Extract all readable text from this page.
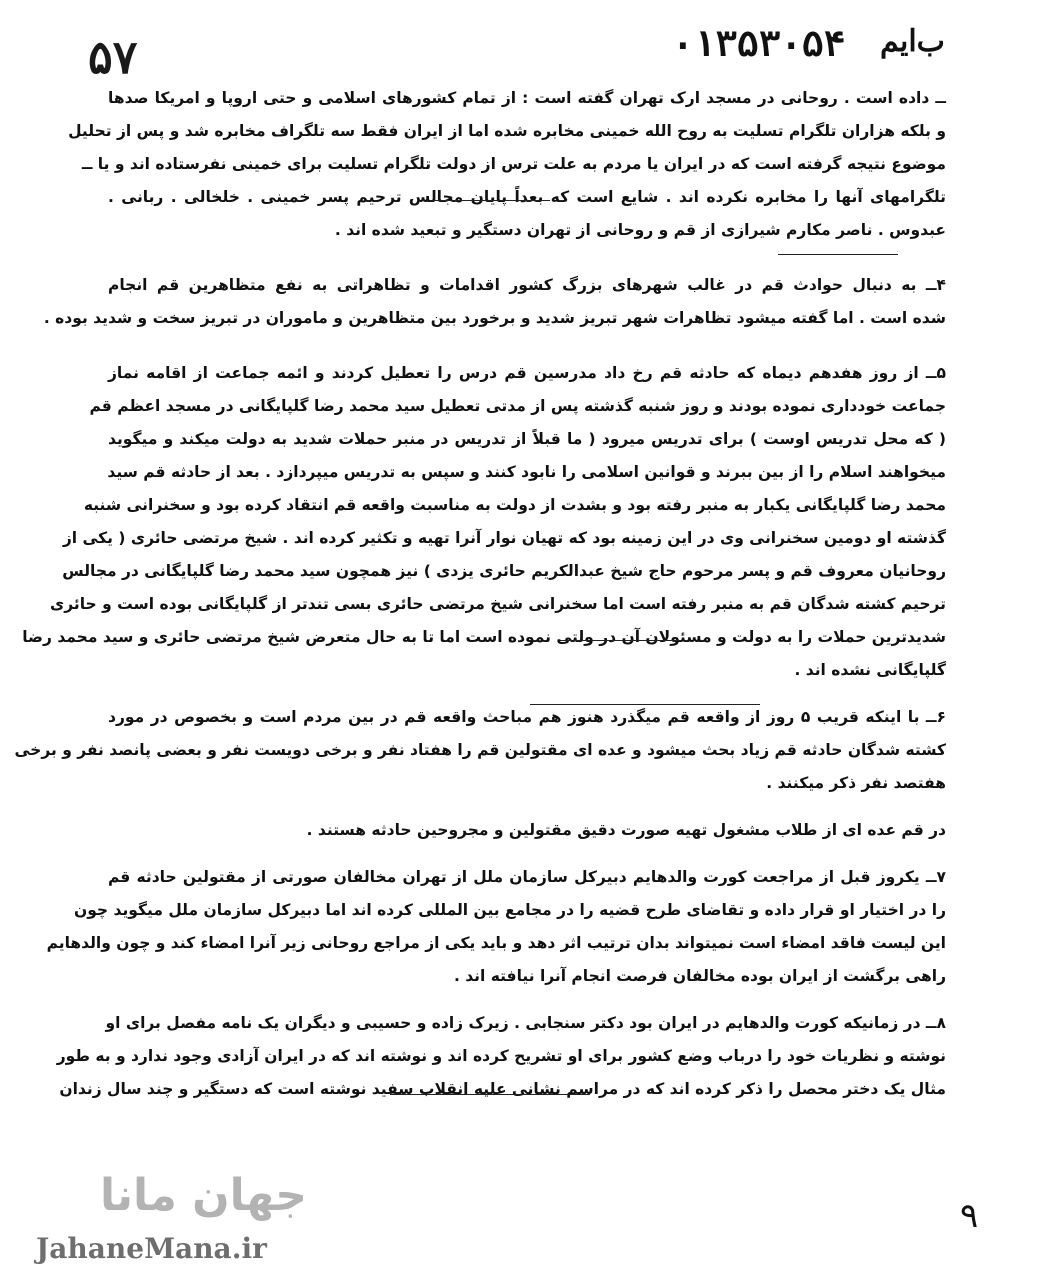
۵۷	۰۱۳۵۳۰۵۴ ب‌ایم
ــ داده است . روحانی در مسجد ارک تهران گفته است : از تمام کشورهای اسلامی و حتی اروپا و امریکا صدها
و بلکه هزاران تلگرام تسلیت به روح الله خمینی مخابره شده اما از ایران فقط سه تلگراف مخابره شد و پس از تحلیل
موضوع نتیجه گرفته است که در ایران یا مردم به علت ترس از دولت تلگرام تسلیت برای خمینی نفرستاده اند و یا ــ
تلگرامهای آنها را مخابره نکرده اند . شایع است که بعداً پایان مجالس ترحیم پسر خمینی . خلخالی . ربانی .
عبدوس . ناصر مکارم شیرازی از قم و روحانی از تهران دستگیر و تبعید شده اند .
۴ــ به دنبال حوادث قم در غالب شهرهای بزرگ کشور اقدامات و تظاهراتی به نفع متظاهرین قم انجام
شده است . اما گفته میشود تظاهرات شهر تبریز شدید و برخورد بین متظاهرین و ماموران در تبریز سخت و شدید بوده .
۵ــ از روز هفدهم دیماه که حادثه قم رخ داد مدرسین قم درس را تعطیل کردند و ائمه جماعت از اقامه نماز
جماعت خودداری نموده بودند و روز شنبه گذشته پس از مدتی تعطیل سید محمد رضا گلپایگانی در مسجد اعظم قم
( که محل تدریس اوست ) برای تدریس میرود ( ما قبلاً از تدریس در منبر حملات شدید به دولت میکند و میگوید
میخواهند اسلام را از بین ببرند و قوانین اسلامی را نابود کنند و سپس به تدریس میپردازد . بعد از حادثه قم سید
محمد رضا گلپایگانی یکبار به منبر رفته بود و بشدت از دولت به مناسبت واقعه قم انتقاد کرده بود و سخنرانی شنبه
گذشته او دومین سخنرانی وی در این زمینه بود که تهیان نوار آنرا تهیه و تکثیر کرده اند . شیخ مرتضی حائری ( یکی از
روحانیان معروف قم و پسر مرحوم حاج شیخ عبدالکریم حائری یزدی ) نیز همچون سید محمد رضا گلپایگانی در مجالس
ترحیم کشته شدگان قم به منبر رفته است اما سخنرانی شیخ مرتضی حائری بسی تندتر از گلپایگانی بوده است و حائری
شدیدترین حملات را به دولت و مسئولان آن در ولتی نموده است اما تا به حال متعرض شیخ مرتضی حائری و سید محمد رضا
گلپایگانی نشده اند .
۶ــ با اینکه قریب ۵ روز از واقعه قم میگذرد هنوز هم مباحث واقعه قم در بین مردم است و بخصوص در مورد
کشته شدگان حادثه قم زیاد بحث میشود و عده ای مقتولین قم را هفتاد نفر و برخی دویست نفر و بعضی پانصد نفر و برخی
هفتصد نفر ذکر میکنند .
در قم عده ای از طلاب مشغول تهیه صورت دقیق مقتولین و مجروحین حادثه هستند .
۷ــ یکروز قبل از مراجعت کورت والدهایم دبیرکل سازمان ملل از تهران مخالفان صورتی از مقتولین حادثه قم
را در اختیار او قرار داده و تقاضای طرح قضیه را در مجامع بین المللی کرده اند اما دبیرکل سازمان ملل میگوید چون
این لیست فاقد امضاء است نمیتواند بدان ترتیب اثر دهد و باید یکی از مراجع روحانی زیر آنرا امضاء کند و چون والدهایم
راهی برگشت از ایران بوده مخالفان فرصت انجام آنرا نیافته اند .
۸ــ در زمانیکه کورت والدهایم در ایران بود دکتر سنجابی . زیرک زاده و حسیبی و دیگران یک نامه مفصل برای او
نوشته و نظریات خود را درباب وضع کشور برای او تشریح کرده اند و نوشته اند که در ایران آزادی وجود ندارد و به طور
مثال یک دختر محصل را ذکر کرده اند که در مراسم نشانی علیه انقلاب سفید نوشته است که دستگیر و چند سال زندان
۹
جهان مانا
JahaneMana.ir
